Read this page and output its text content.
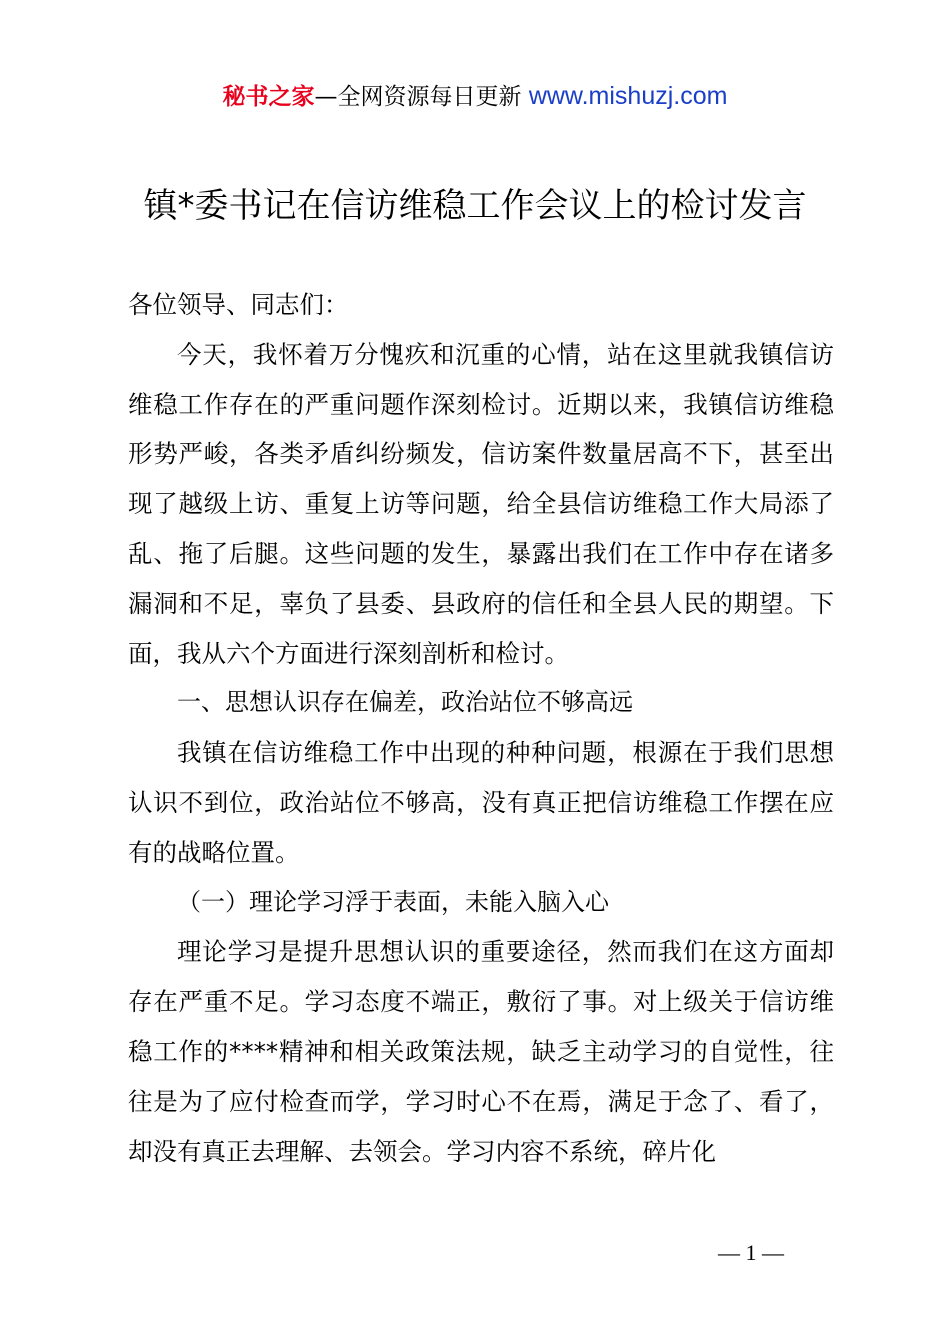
秘书之家—全网资源每日更新 www.mishuzj.com
镇*委书记在信访维稳工作会议上的检讨发言

各位领导、同志们：

今天，我怀着万分愧疚和沉重的心情，站在这里就我镇信访维稳工作存在的严重问题作深刻检讨。近期以来，我镇信访维稳形势严峻，各类矛盾纠纷频发，信访案件数量居高不下，甚至出现了越级上访、重复上访等问题，给全县信访维稳工作大局添了乱、拖了后腿。这些问题的发生，暴露出我们在工作中存在诸多漏洞和不足，辜负了县委、县政府的信任和全县人民的期望。下面，我从六个方面进行深刻剖析和检讨。

一、思想认识存在偏差，政治站位不够高远

我镇在信访维稳工作中出现的种种问题，根源在于我们思想认识不到位，政治站位不够高，没有真正把信访维稳工作摆在应有的战略位置。

（一）理论学习浮于表面，未能入脑入心

理论学习是提升思想认识的重要途径，然而我们在这方面却存在严重不足。学习态度不端正，敷衍了事。对上级关于信访维稳工作的****精神和相关政策法规，缺乏主动学习的自觉性，往往是为了应付检查而学，学习时心不在焉，满足于念了、看了，却没有真正去理解、去领会。学习内容不系统，碎片化

— 1 —
